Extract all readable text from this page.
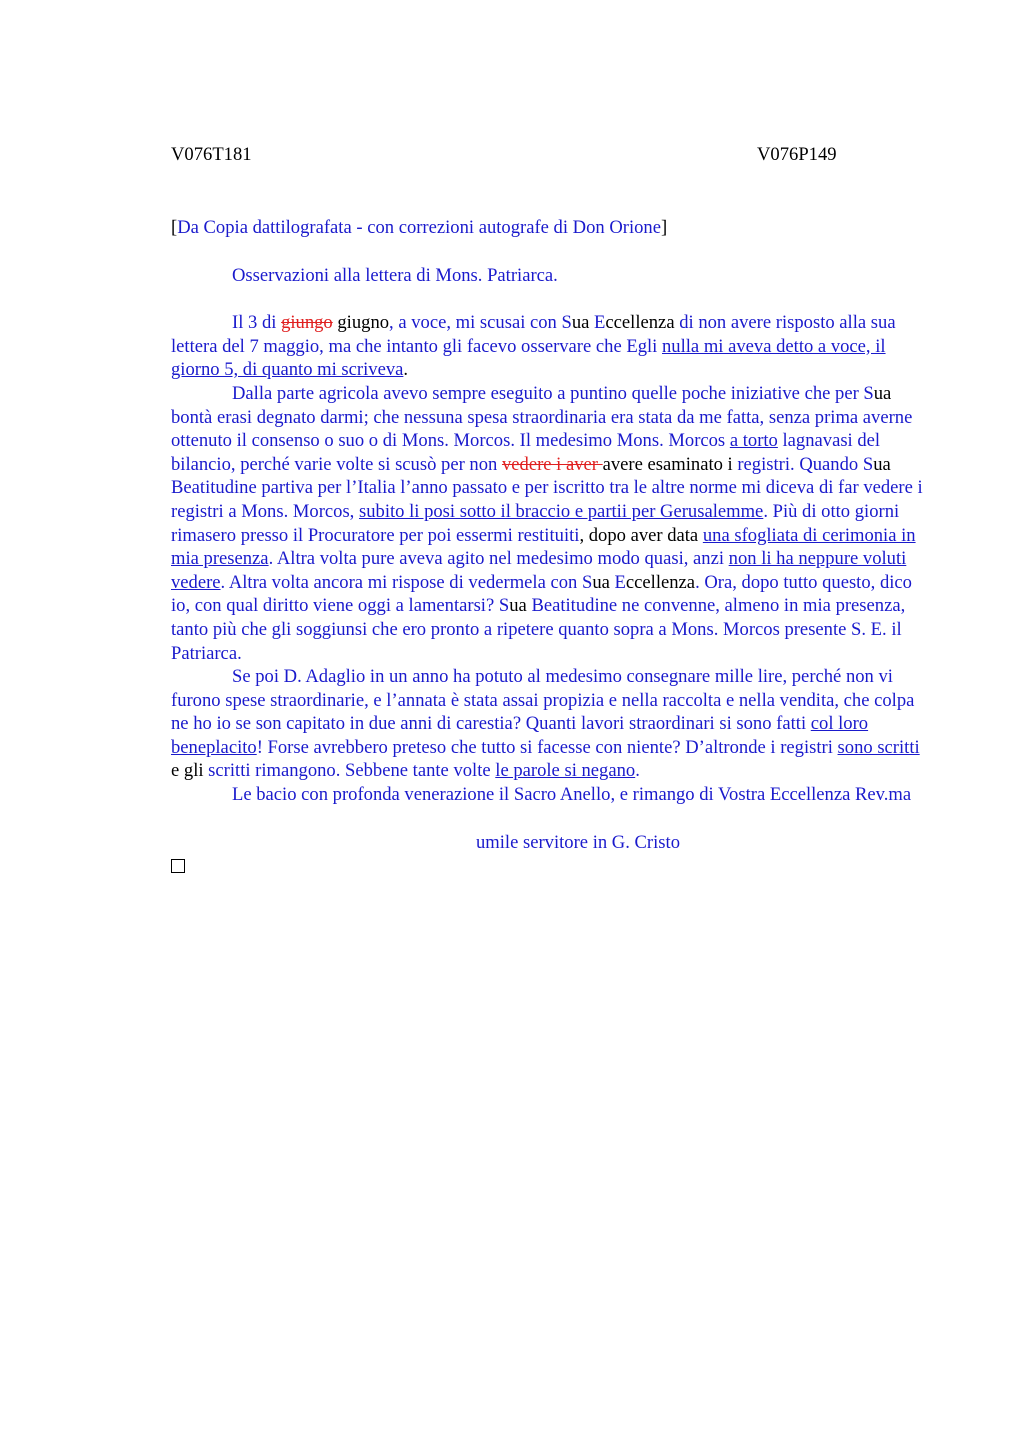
V076T181	V076P149

[Da Copia dattilografata - con correzioni autografe di Don Orione]

Osservazioni alla lettera di Mons. Patriarca.

Il 3 di giungo giugno, a voce, mi scusai con Sua Eccellenza di non avere risposto alla sua lettera del 7 maggio, ma che intanto gli facevo osservare che Egli nulla mi aveva detto a voce, il giorno 5, di quanto mi scriveva.

Dalla parte agricola avevo sempre eseguito a puntino quelle poche iniziative che per Sua bontà erasi degnato darmi; che nessuna spesa straordinaria era stata da me fatta, senza prima averne ottenuto il consenso o suo o di Mons. Morcos. Il medesimo Mons. Morcos a torto lagnavasi del bilancio, perché varie volte si scusò per non vedere i aver avere esaminato i registri. Quando Sua Beatitudine partiva per l’Italia l’anno passato e per iscritto tra le altre norme mi diceva di far vedere i registri a Mons. Morcos, subito li posi sotto il braccio e partii per Gerusalemme. Più di otto giorni rimasero presso il Procuratore per poi essermi restituiti, dopo aver data una sfogliata di cerimonia in mia presenza. Altra volta pure aveva agito nel medesimo modo quasi, anzi non li ha neppure voluti vedere. Altra volta ancora mi rispose di vedermela con Sua Eccellenza. Ora, dopo tutto questo, dico io, con qual diritto viene oggi a lamentarsi? Sua Beatitudine ne convenne, almeno in mia presenza, tanto più che gli soggiunsi che ero pronto a ripetere quanto sopra a Mons. Morcos presente S. E. il Patriarca.

Se poi D. Adaglio in un anno ha potuto al medesimo consegnare mille lire, perché non vi furono spese straordinarie, e l’annata è stata assai propizia e nella raccolta e nella vendita, che colpa ne ho io se son capitato in due anni di carestia? Quanti lavori straordinari si sono fatti col loro beneplacito! Forse avrebbero preteso che tutto si facesse con niente? D’altronde i registri sono scritti e gli scritti rimangono. Sebbene tante volte le parole si negano.

Le bacio con profonda venerazione il Sacro Anello, e rimango di Vostra Eccellenza Rev.ma

umile servitore in G. Cristo
